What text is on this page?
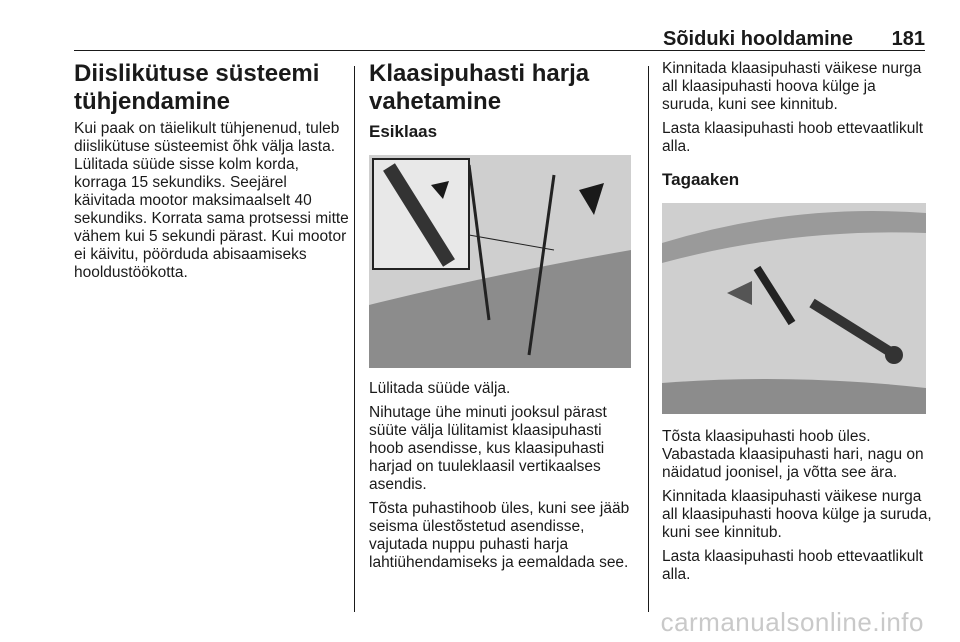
Sõiduki hooldamine 181
Diislikütuse süsteemi tühjendamine

Kui paak on täielikult tühjenenud, tuleb diislikütuse süsteemist õhk välja lasta. Lülitada süüde sisse kolm korda, korraga 15 sekundiks. Seejärel käivitada mootor maksimaalselt 40 sekundiks. Korrata sama protsessi mitte vähem kui 5 sekundi pärast. Kui mootor ei käivitu, pöörduda abisaamiseks hooldustöökotta.

Klaasipuhasti harja vahetamine
Esiklaas

Lülitada süüde välja.

Nihutage ühe minuti jooksul pärast süüte välja lülitamist klaasipuhasti hoob asendisse, kus klaasipuhasti harjad on tuuleklaasil vertikaalses asendis.

Tõsta puhastihoob üles, kuni see jääb seisma ülestõstetud asendisse, vajutada nuppu puhasti harja lahtiühendamiseks ja eemaldada see.

Kinnitada klaasipuhasti väikese nurga all klaasipuhasti hoova külge ja suruda, kuni see kinnitub.

Lasta klaasipuhasti hoob ettevaatlikult alla.

Tagaaken

Tõsta klaasipuhasti hoob üles. Vabastada klaasipuhasti hari, nagu on näidatud joonisel, ja võtta see ära.

Kinnitada klaasipuhasti väikese nurga all klaasipuhasti hoova külge ja suruda, kuni see kinnitub.

Lasta klaasipuhasti hoob ettevaatlikult alla.

carmanualsonline.info
